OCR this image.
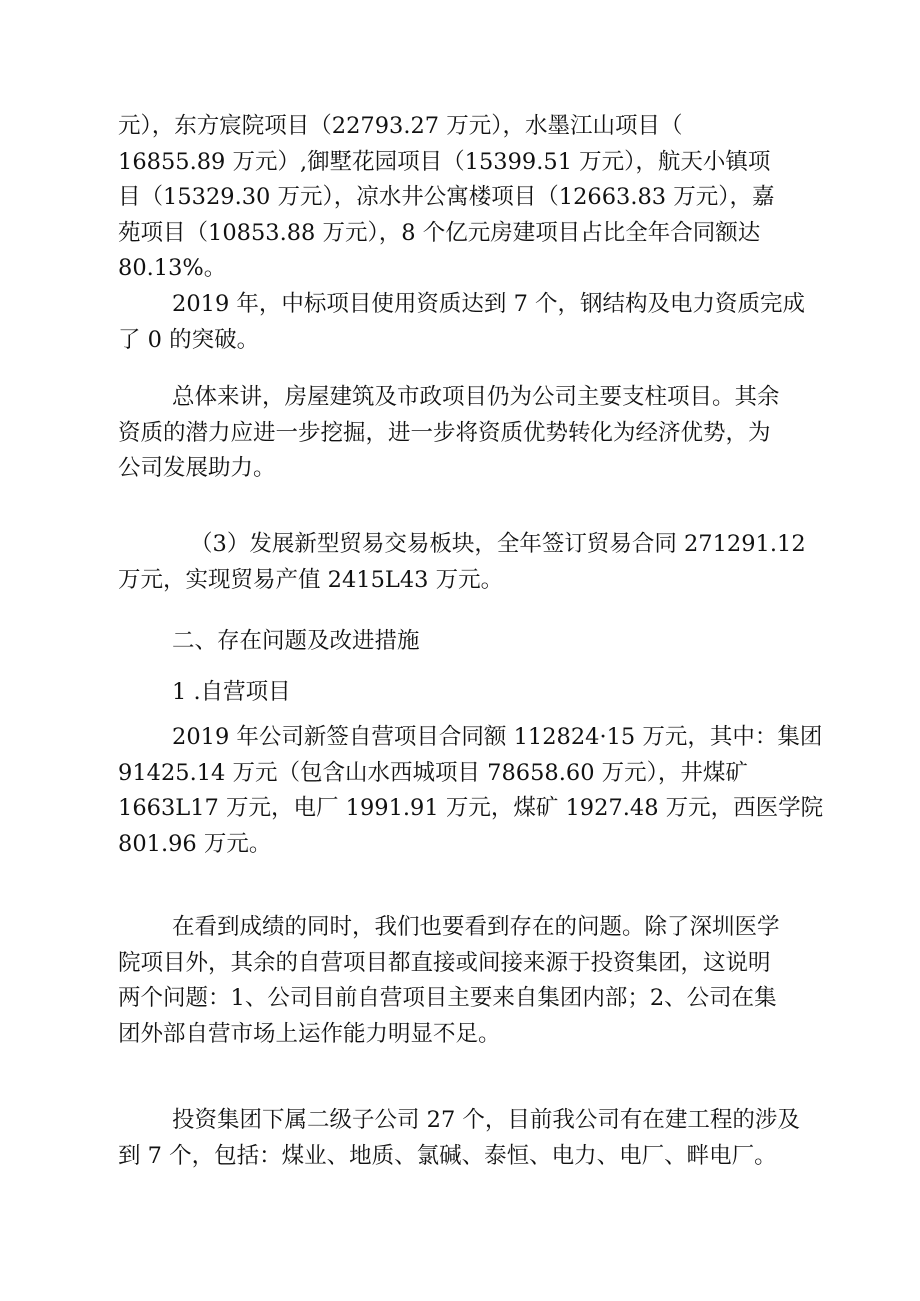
元），东方宸院项目（22793.27 万元），水墨江山项目（
16855.89 万元）,御墅花园项目（15399.51 万元），航天小镇项
目（15329.30 万元），凉水井公寓楼项目（12663.83 万元），嘉
苑项目（10853.88 万元），8 个亿元房建项目占比全年合同额达
80.13%。
2019 年，中标项目使用资质达到 7 个，钢结构及电力资质完成
了 0 的突破。
总体来讲，房屋建筑及市政项目仍为公司主要支柱项目。其余
资质的潜力应进一步挖掘，进一步将资质优势转化为经济优势，为
公司发展助力。
（3）发展新型贸易交易板块，全年签订贸易合同 271291.12
万元，实现贸易产值 2415L43 万元。
二、存在问题及改进措施
1 .自营项目
2019 年公司新签自营项目合同额 112824·15 万元，其中：集团
91425.14 万元（包含山水西城项目 78658.60 万元），井煤矿
1663L17 万元，电厂 1991.91 万元，煤矿 1927.48 万元，西医学院
801.96 万元。
在看到成绩的同时，我们也要看到存在的问题。除了深圳医学
院项目外，其余的自营项目都直接或间接来源于投资集团，这说明
两个问题：1、公司目前自营项目主要来自集团内部；2、公司在集
团外部自营市场上运作能力明显不足。
投资集团下属二级子公司 27 个，目前我公司有在建工程的涉及
到 7 个，包括：煤业、地质、氯碱、泰恒、电力、电厂、畔电厂。
